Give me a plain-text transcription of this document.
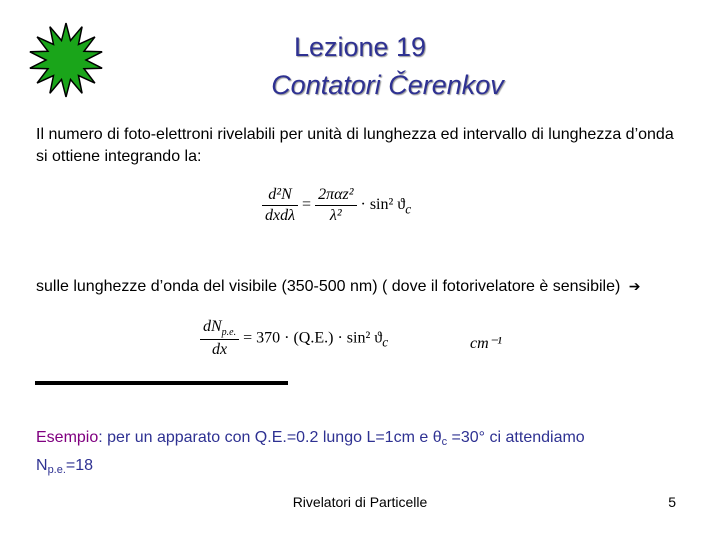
Lezione 19
Contatori Čerenkov
Il numero di foto-elettroni rivelabili per unità di lunghezza ed intervallo di lunghezza d’onda si ottiene integrando la:
$\frac{\text{d²N}}{\text{dxdλ}} = \frac{\text{2παz²}}{\text{λ²}} \cdot \sin^2$ $ϑ_c$
sulle lunghezze d’onda del visibile (350-500 nm) ( dove il fotorivelatore è sensibile) ➔
$\frac{dN_{p.e.}}{dx} = 370 \cdot (Q.E.) \cdot \sin^2$ $ϑ_c$	cm⁻¹
Esempio: per un apparato con Q.E.=0.2 lungo L=1cm e $\theta_c =30^\circ$ ci attendiamo
$N_{p.e.}=18$
Rivelatori di Particelle	5
